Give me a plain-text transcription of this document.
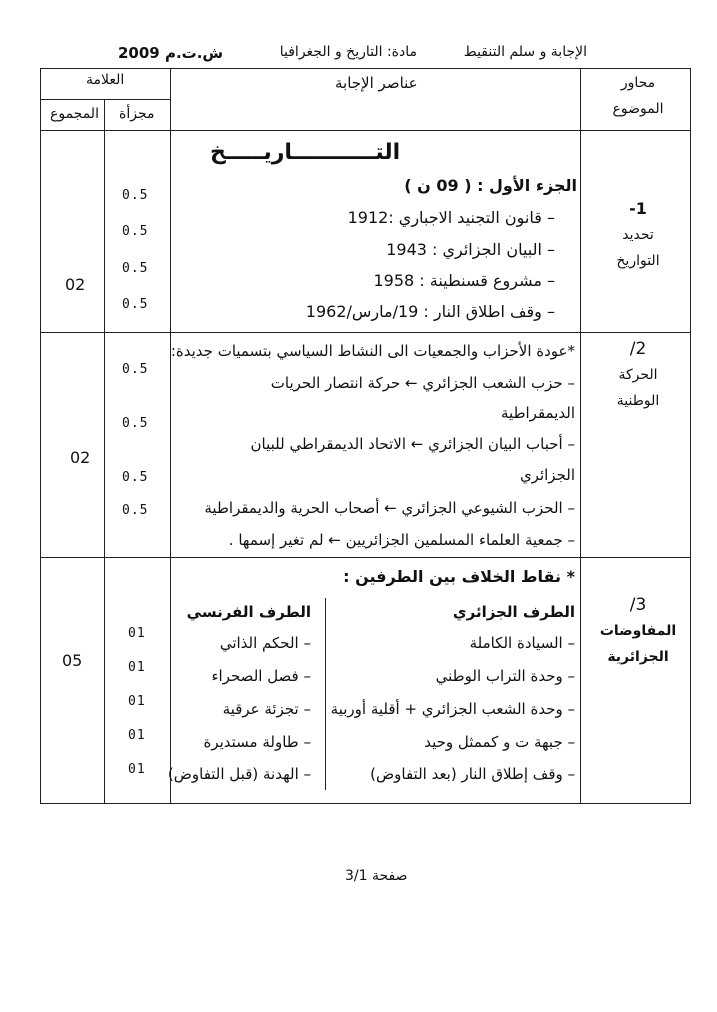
الإجابة و سلم التنقيط
مادة: التاريخ و الجغرافيا
ش.ت.م 2009
محاور
الموضوع
عناصر الإجابة
العلامة
مجزأة
المجموع
التـــــــــــاريـــــخ
الجزء الأول : ( 09 ن )
1-
تحديد
التواريخ
– قانون التجنيد الاجباري :1912
– البيان الجزائري : 1943
– مشروع قسنطينة : 1958
– وقف اطلاق النار : 19/مارس/1962
0.5
0.5
0.5
0.5
02
2/
الحركة
الوطنية
*عودة الأحزاب والجمعيات الى النشاط السياسي بتسميات جديدة:
– حزب الشعب الجزائري ← حركة انتصار الحريات
الديمقراطية
– أحباب البيان الجزائري ← الاتحاد الديمقراطي للبيان
الجزائري
– الحزب الشيوعي الجزائري ← أصحاب الحرية والديمقراطية
– جمعية العلماء المسلمين الجزائريين ← لم تغير إسمها .
0.5
0.5
0.5
0.5
02
3/
المفاوضات
الجزائرية
* نقاط الخلاف بين الطرفين :
الطرف الجزائري
الطرف الفرنسي
– السيادة الكاملة
– وحدة التراب الوطني
– وحدة الشعب الجزائري + أقلية أوربية
– جبهة ت و كممثل وحيد
– وقف إطلاق النار (بعد التفاوض)
– الحكم الذاتي
– فصل الصحراء
– تجزئة عرقية
– طاولة مستديرة
– الهدنة (قبل التفاوض)
01
01
01
01
01
05
صفحة 3/1
